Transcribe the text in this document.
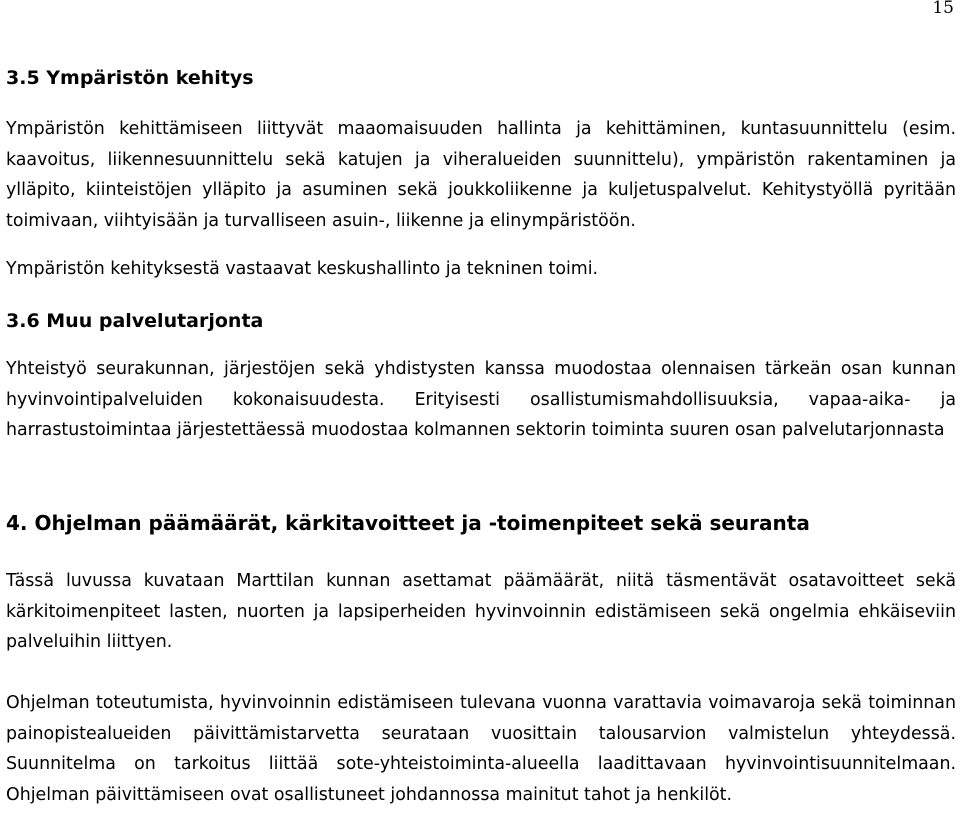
15
3.5 Ympäristön kehitys

Ympäristön kehittämiseen liittyvät maaomaisuuden hallinta ja kehittäminen, kuntasuunnittelu (esim. kaavoitus, liikennesuunnittelu sekä katujen ja viheralueiden suunnittelu), ympäristön rakentaminen ja ylläpito, kiinteistöjen ylläpito ja asuminen sekä joukkoliikenne ja kuljetuspalvelut. Kehitystyöllä pyritään toimivaan, viihtyisään ja turvalliseen asuin-, liikenne ja elinympäristöön.

Ympäristön kehityksestä vastaavat keskushallinto ja tekninen toimi.

3.6 Muu palvelutarjonta

Yhteistyö seurakunnan, järjestöjen sekä yhdistysten kanssa muodostaa olennaisen tärkeän osan kunnan hyvinvointipalveluiden kokonaisuudesta. Erityisesti osallistumismahdollisuuksia, vapaa-aika- ja harrastustoimintaa järjestettäessä muodostaa kolmannen sektorin toiminta suuren osan palvelutarjonnasta

4. Ohjelman päämäärät, kärkitavoitteet ja -toimenpiteet sekä seuranta

Tässä luvussa kuvataan Marttilan kunnan asettamat päämäärät, niitä täsmentävät osatavoitteet sekä kärkitoimenpiteet lasten, nuorten ja lapsiperheiden hyvinvoinnin edistämiseen sekä ongelmia ehkäiseviin palveluihin liittyen.

Ohjelman toteutumista, hyvinvoinnin edistämiseen tulevana vuonna varattavia voimavaroja sekä toiminnan painopistealueiden päivittämistarvetta seurataan vuosittain talousarvion valmistelun yhteydessä. Suunnitelma on tarkoitus liittää sote-yhteistoiminta-alueella laadittavaan hyvinvointisuunnitelmaan. Ohjelman päivittämiseen ovat osallistuneet johdannossa mainitut tahot ja henkilöt.
